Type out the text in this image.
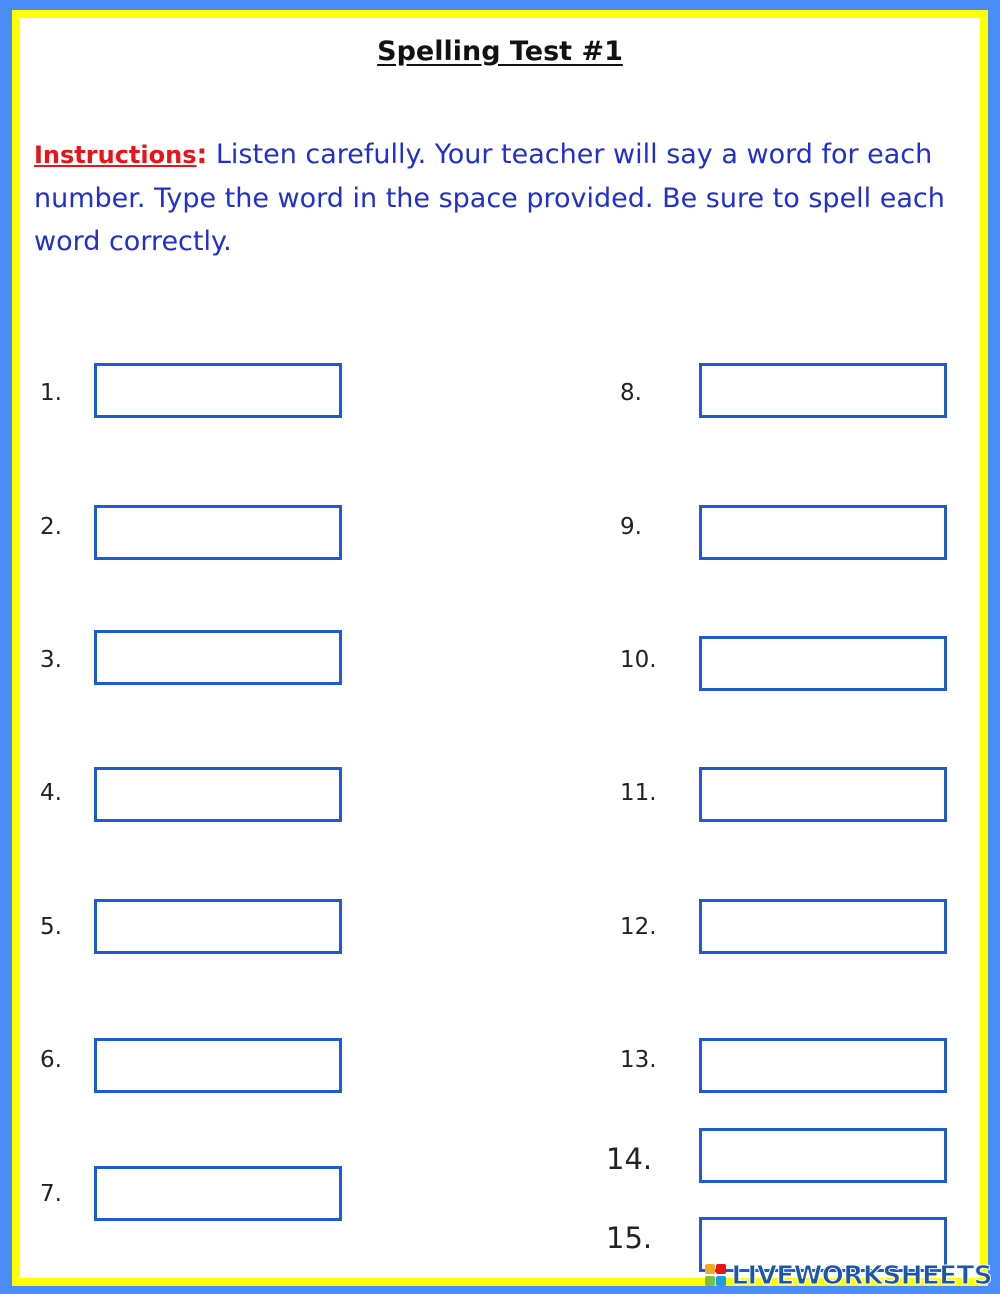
Spelling Test #1
Instructions: Listen carefully. Your teacher will say a word for each number. Type the word in the space provided. Be sure to spell each word correctly.
1.
2.
3.
4.
5.
6.
7.
8.
9.
10.
11.
12.
13.
14.
15.
LIVEWORKSHEETS
